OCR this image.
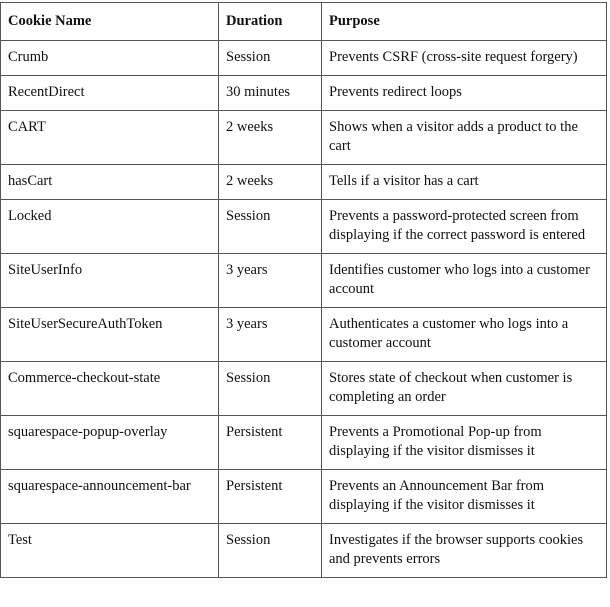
Cookie Name	Duration	Purpose
Crumb	Session	Prevents CSRF (cross-site request forgery)
RecentDirect	30 minutes	Prevents redirect loops
CART	2 weeks	Shows when a visitor adds a product to the cart
hasCart	2 weeks	Tells if a visitor has a cart
Locked	Session	Prevents a password-protected screen from displaying if the correct password is entered
SiteUserInfo	3 years	Identifies customer who logs into a customer account
SiteUserSecureAuthToken	3 years	Authenticates a customer who logs into a customer account
Commerce-checkout-state	Session	Stores state of checkout when customer is completing an order
squarespace-popup-overlay	Persistent	Prevents a Promotional Pop-up from displaying if the visitor dismisses it
squarespace-announcement-bar	Persistent	Prevents an Announcement Bar from displaying if the visitor dismisses it
Test	Session	Investigates if the browser supports cookies and prevents errors
